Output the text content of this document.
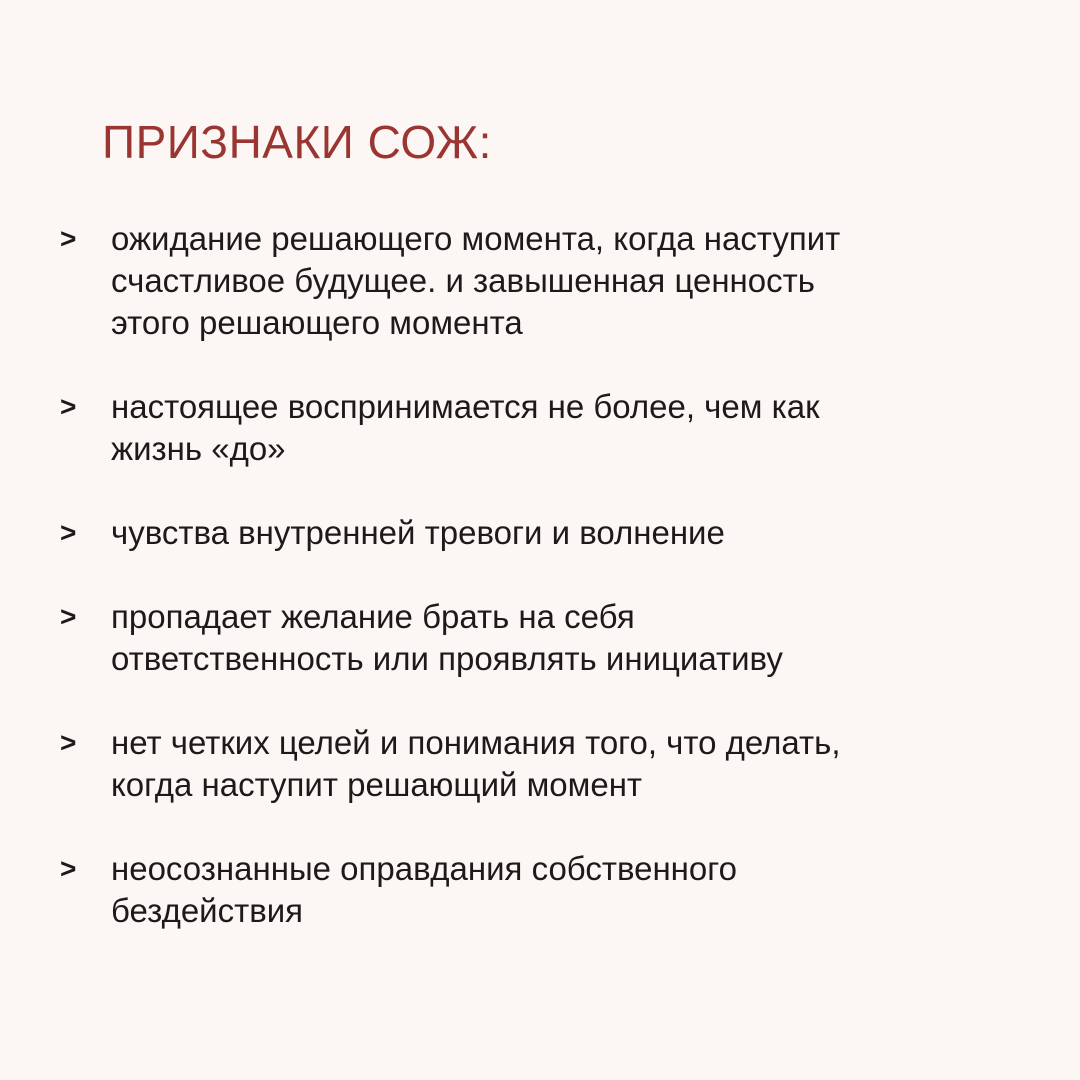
ПРИЗНАКИ СОЖ:
> ожидание решающего момента, когда наступит
счастливое будущее. и завышенная ценность
этого решающего момента
> настоящее воспринимается не более, чем как
жизнь «до»
> чувства внутренней тревоги и волнение
> пропадает желание брать на себя
ответственность или проявлять инициативу
> нет четких целей и понимания того, что делать,
когда наступит решающий момент
> неосознанные оправдания собственного
бездействия
